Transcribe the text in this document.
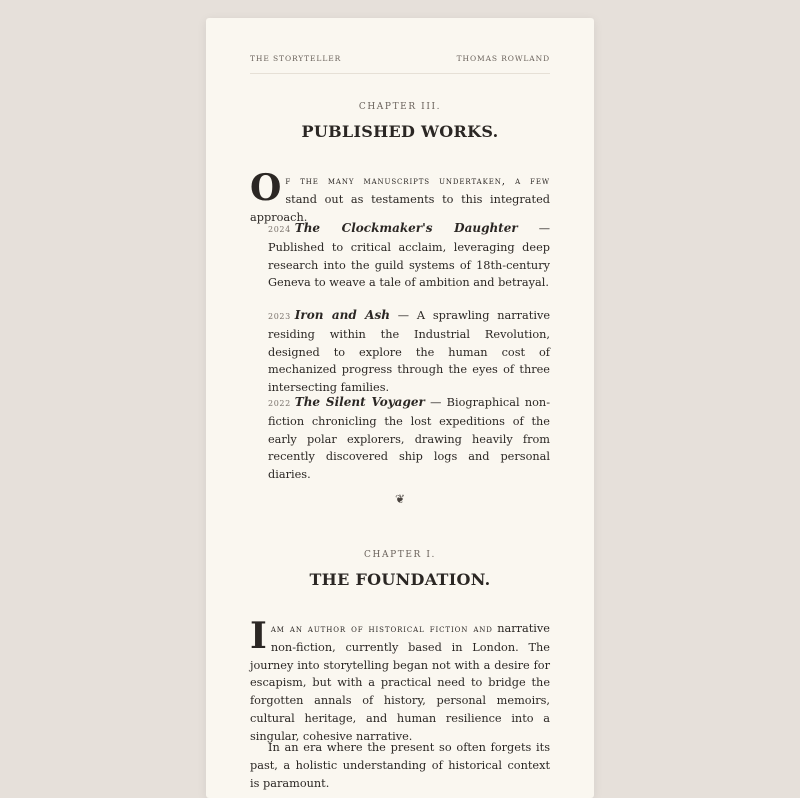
THE STORYTELLER	THOMAS ROWLAND
CHAPTER III.
PUBLISHED WORKS.
Of the many manuscripts undertaken, a few stand out as testaments to this integrated approach.
2024 The Clockmaker's Daughter — Published to critical acclaim, leveraging deep research into the guild systems of 18th-century Geneva to weave a tale of ambition and betrayal.
2023 Iron and Ash — A sprawling narrative residing within the Industrial Revolution, designed to explore the human cost of mechanized progress through the eyes of three intersecting families.
2022 The Silent Voyager — Biographical non-fiction chronicling the lost expeditions of the early polar explorers, drawing heavily from recently discovered ship logs and personal diaries.
❦
CHAPTER I.
THE FOUNDATION.
Iam an author of historical fiction and narrative non-fiction, currently based in London. The journey into storytelling began not with a desire for escapism, but with a practical need to bridge the forgotten annals of history, personal memoirs, cultural heritage, and human resilience into a singular, cohesive narrative.
In an era where the present so often forgets its past, a holistic understanding of historical context is paramount.
